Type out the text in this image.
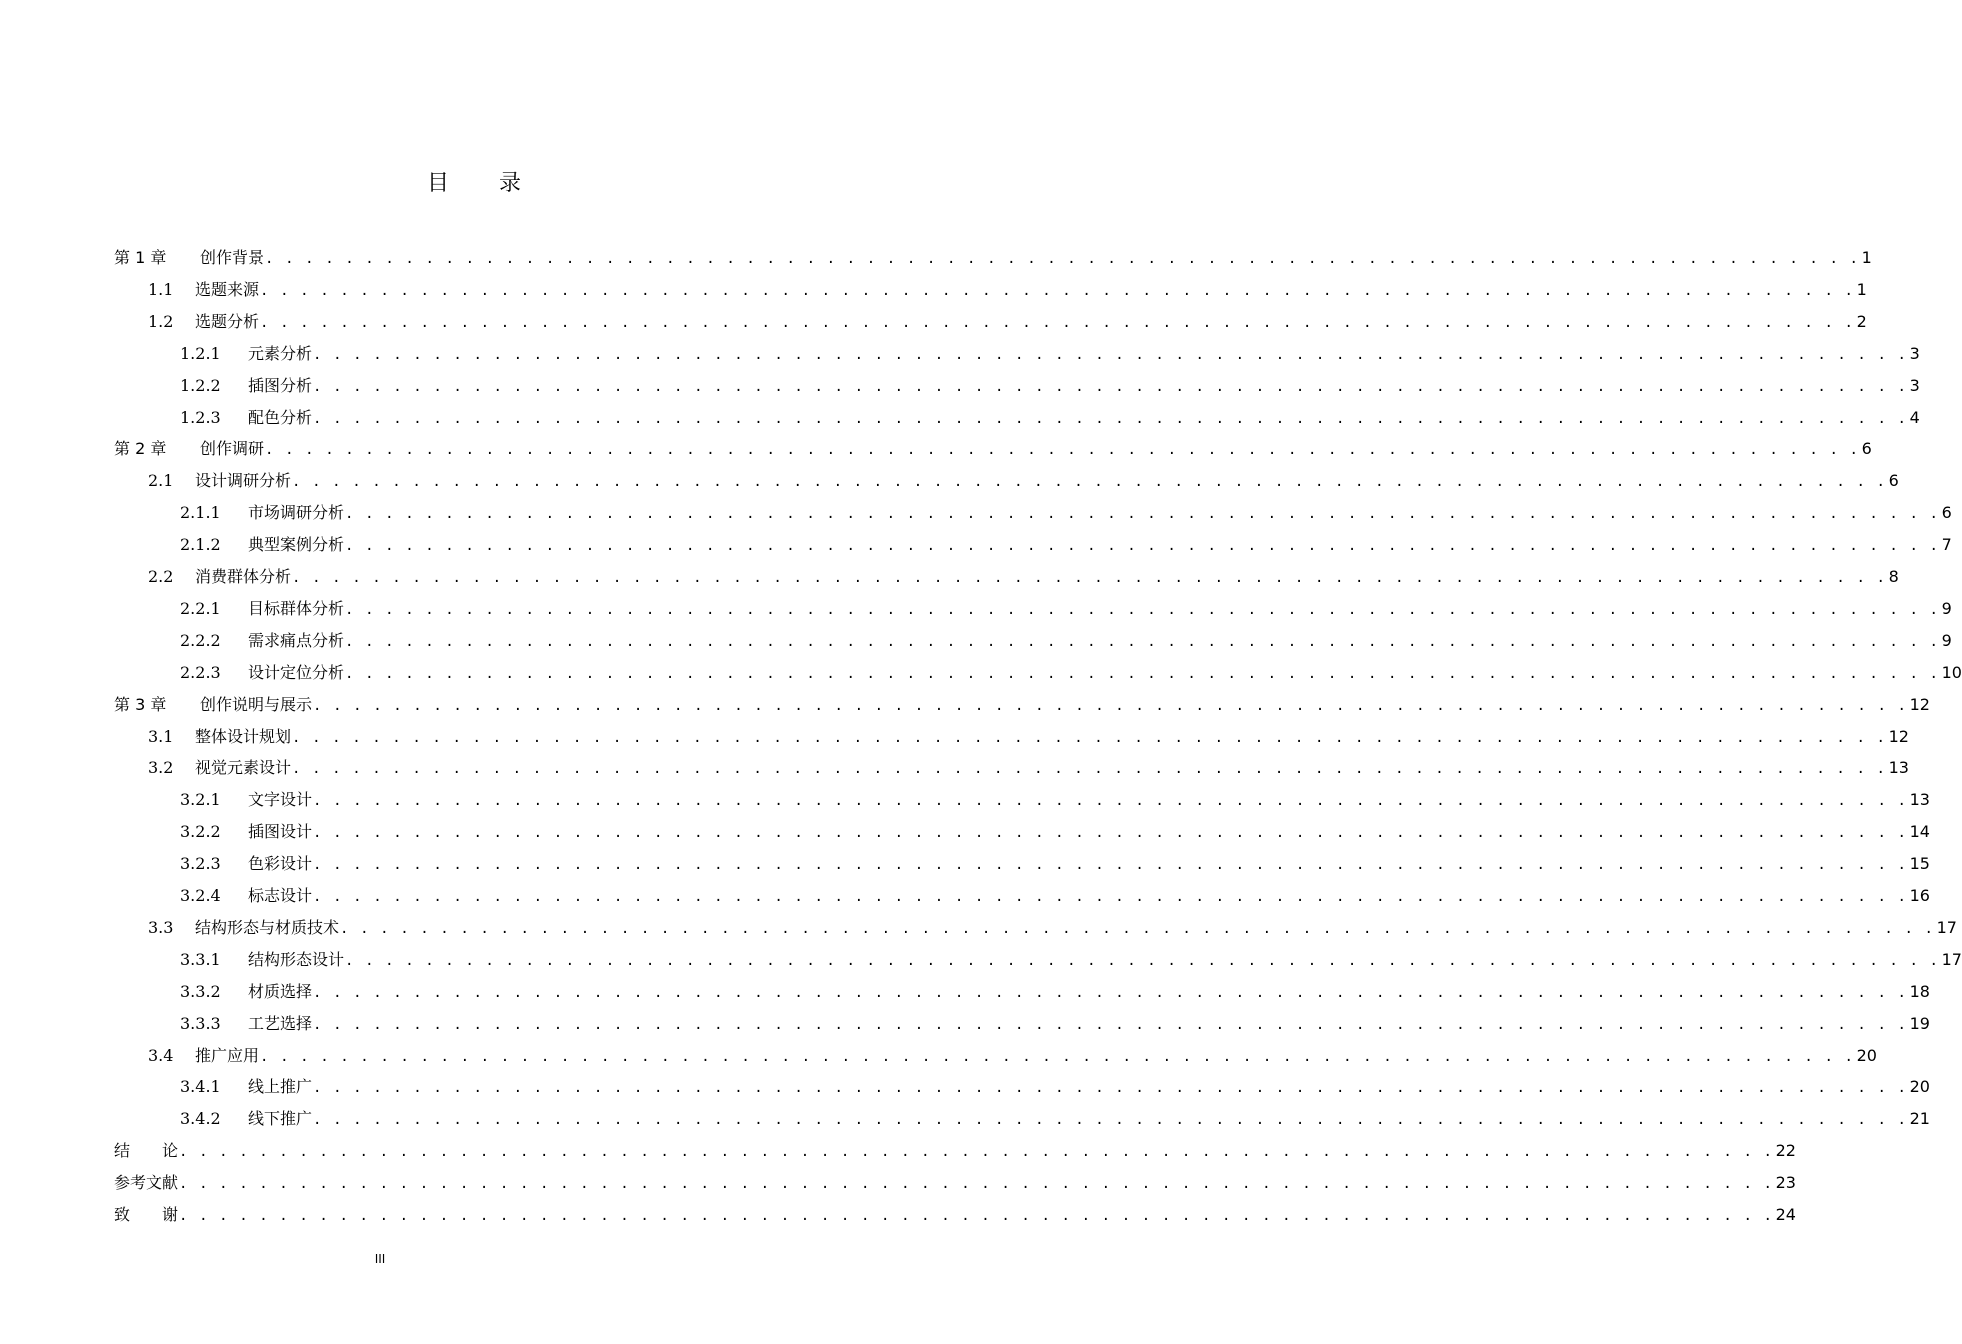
目 录
第 1 章	创作背景 . . . . . . . . . . . . . . . . . . . . . . . . . . . . . . . . . . . . . . . . . . . . . . . . . . . . . . . . . . . . . . . . . . . . . . . . . . . . . . . . 1
1.1	选题来源 . . . . . . . . . . . . . . . . . . . . . . . . . . . . . . . . . . . . . . . . . . . . . . . . . . . . . . . . . . . . . . . . . . . . . . . . . . . . . . . . 1
1.2	选题分析 . . . . . . . . . . . . . . . . . . . . . . . . . . . . . . . . . . . . . . . . . . . . . . . . . . . . . . . . . . . . . . . . . . . . . . . . . . . . . . . . 2
1.2.1	元素分析 . . . . . . . . . . . . . . . . . . . . . . . . . . . . . . . . . . . . . . . . . . . . . . . . . . . . . . . . . . . . . . . . . . . . . . . . . . . . . . . . 3
1.2.2	插图分析 . . . . . . . . . . . . . . . . . . . . . . . . . . . . . . . . . . . . . . . . . . . . . . . . . . . . . . . . . . . . . . . . . . . . . . . . . . . . . . . . 3
1.2.3	配色分析 . . . . . . . . . . . . . . . . . . . . . . . . . . . . . . . . . . . . . . . . . . . . . . . . . . . . . . . . . . . . . . . . . . . . . . . . . . . . . . . . 4
第 2 章	创作调研 . . . . . . . . . . . . . . . . . . . . . . . . . . . . . . . . . . . . . . . . . . . . . . . . . . . . . . . . . . . . . . . . . . . . . . . . . . . . . . . . 6
2.1	设计调研分析 . . . . . . . . . . . . . . . . . . . . . . . . . . . . . . . . . . . . . . . . . . . . . . . . . . . . . . . . . . . . . . . . . . . . . . . . . . . . . . . . 6
2.1.1	市场调研分析 . . . . . . . . . . . . . . . . . . . . . . . . . . . . . . . . . . . . . . . . . . . . . . . . . . . . . . . . . . . . . . . . . . . . . . . . . . . . . . . . 6
2.1.2	典型案例分析 . . . . . . . . . . . . . . . . . . . . . . . . . . . . . . . . . . . . . . . . . . . . . . . . . . . . . . . . . . . . . . . . . . . . . . . . . . . . . . . . 7
2.2	消费群体分析 . . . . . . . . . . . . . . . . . . . . . . . . . . . . . . . . . . . . . . . . . . . . . . . . . . . . . . . . . . . . . . . . . . . . . . . . . . . . . . . . 8
2.2.1	目标群体分析 . . . . . . . . . . . . . . . . . . . . . . . . . . . . . . . . . . . . . . . . . . . . . . . . . . . . . . . . . . . . . . . . . . . . . . . . . . . . . . . . 9
2.2.2	需求痛点分析 . . . . . . . . . . . . . . . . . . . . . . . . . . . . . . . . . . . . . . . . . . . . . . . . . . . . . . . . . . . . . . . . . . . . . . . . . . . . . . . . 9
2.2.3	设计定位分析 . . . . . . . . . . . . . . . . . . . . . . . . . . . . . . . . . . . . . . . . . . . . . . . . . . . . . . . . . . . . . . . . . . . . . . . . . . . . . . . . 10
第 3 章	创作说明与展示 . . . . . . . . . . . . . . . . . . . . . . . . . . . . . . . . . . . . . . . . . . . . . . . . . . . . . . . . . . . . . . . . . . . . . . . . . . . . . . . . 12
3.1	整体设计规划 . . . . . . . . . . . . . . . . . . . . . . . . . . . . . . . . . . . . . . . . . . . . . . . . . . . . . . . . . . . . . . . . . . . . . . . . . . . . . . . . 12
3.2	视觉元素设计 . . . . . . . . . . . . . . . . . . . . . . . . . . . . . . . . . . . . . . . . . . . . . . . . . . . . . . . . . . . . . . . . . . . . . . . . . . . . . . . . 13
3.2.1	文字设计 . . . . . . . . . . . . . . . . . . . . . . . . . . . . . . . . . . . . . . . . . . . . . . . . . . . . . . . . . . . . . . . . . . . . . . . . . . . . . . . . 13
3.2.2	插图设计 . . . . . . . . . . . . . . . . . . . . . . . . . . . . . . . . . . . . . . . . . . . . . . . . . . . . . . . . . . . . . . . . . . . . . . . . . . . . . . . . 14
3.2.3	色彩设计 . . . . . . . . . . . . . . . . . . . . . . . . . . . . . . . . . . . . . . . . . . . . . . . . . . . . . . . . . . . . . . . . . . . . . . . . . . . . . . . . 15
3.2.4	标志设计 . . . . . . . . . . . . . . . . . . . . . . . . . . . . . . . . . . . . . . . . . . . . . . . . . . . . . . . . . . . . . . . . . . . . . . . . . . . . . . . . 16
3.3	结构形态与材质技术 . . . . . . . . . . . . . . . . . . . . . . . . . . . . . . . . . . . . . . . . . . . . . . . . . . . . . . . . . . . . . . . . . . . . . . . . . . . . . . . . 17
3.3.1	结构形态设计 . . . . . . . . . . . . . . . . . . . . . . . . . . . . . . . . . . . . . . . . . . . . . . . . . . . . . . . . . . . . . . . . . . . . . . . . . . . . . . . . 17
3.3.2	材质选择 . . . . . . . . . . . . . . . . . . . . . . . . . . . . . . . . . . . . . . . . . . . . . . . . . . . . . . . . . . . . . . . . . . . . . . . . . . . . . . . . 18
3.3.3	工艺选择 . . . . . . . . . . . . . . . . . . . . . . . . . . . . . . . . . . . . . . . . . . . . . . . . . . . . . . . . . . . . . . . . . . . . . . . . . . . . . . . . 19
3.4	推广应用 . . . . . . . . . . . . . . . . . . . . . . . . . . . . . . . . . . . . . . . . . . . . . . . . . . . . . . . . . . . . . . . . . . . . . . . . . . . . . . . . 20
3.4.1	线上推广 . . . . . . . . . . . . . . . . . . . . . . . . . . . . . . . . . . . . . . . . . . . . . . . . . . . . . . . . . . . . . . . . . . . . . . . . . . . . . . . . 20
3.4.2	线下推广 . . . . . . . . . . . . . . . . . . . . . . . . . . . . . . . . . . . . . . . . . . . . . . . . . . . . . . . . . . . . . . . . . . . . . . . . . . . . . . . . 21
结　　论 . . . . . . . . . . . . . . . . . . . . . . . . . . . . . . . . . . . . . . . . . . . . . . . . . . . . . . . . . . . . . . . . . . . . . . . . . . . . . . . . 22
参考文献 . . . . . . . . . . . . . . . . . . . . . . . . . . . . . . . . . . . . . . . . . . . . . . . . . . . . . . . . . . . . . . . . . . . . . . . . . . . . . . . . 23
致　　谢 . . . . . . . . . . . . . . . . . . . . . . . . . . . . . . . . . . . . . . . . . . . . . . . . . . . . . . . . . . . . . . . . . . . . . . . . . . . . . . . . 24
III
